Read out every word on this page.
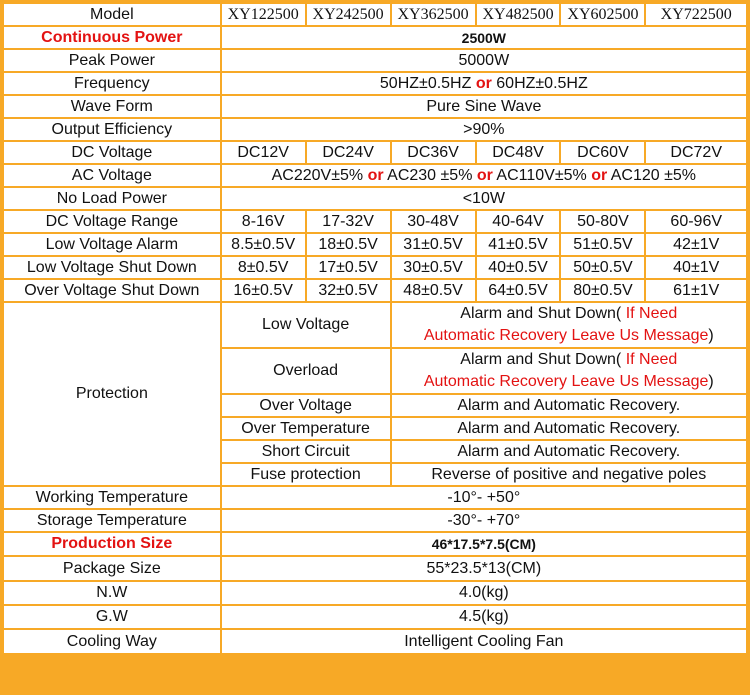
Model	XY122500	XY242500	XY362500	XY482500	XY602500	XY722500
Continuous Power	2500W					
Peak Power	5000W					
Frequency	50HZ±0.5HZ or 60HZ±0.5HZ					
Wave Form	Pure Sine Wave					
Output Efficiency	>90%					
DC Voltage	DC12V	DC24V	DC36V	DC48V	DC60V	DC72V
AC Voltage	AC220V±5% or AC230 ±5% or AC110V±5% or AC120 ±5%					
No Load Power	<10W					
DC Voltage Range	8-16V	17-32V	30-48V	40-64V	50-80V	60-96V
Low Voltage Alarm	8.5±0.5V	18±0.5V	31±0.5V	41±0.5V	51±0.5V	42±1V
Low Voltage Shut Down	8±0.5V	17±0.5V	30±0.5V	40±0.5V	50±0.5V	40±1V
Over Voltage Shut Down	16±0.5V	32±0.5V	48±0.5V	64±0.5V	80±0.5V	61±1V
Protection	Low Voltage		Alarm and Shut Down( If Need
Automatic Recovery Leave Us Message)			
	Overload		Alarm and Shut Down( If Need
Automatic Recovery Leave Us Message)			
	Over Voltage		Alarm and Automatic Recovery.			
	Over Temperature		Alarm and Automatic Recovery.			
	Short Circuit		Alarm and Automatic Recovery.			
	Fuse protection		Reverse of positive and negative poles			
Working Temperature	-10°- +50°					
Storage Temperature	-30°- +70°					
Production Size	46*17.5*7.5(CM)					
Package Size	55*23.5*13(CM)					
N.W	4.0(kg)					
G.W	4.5(kg)					
Cooling Way	Intelligent Cooling Fan					
